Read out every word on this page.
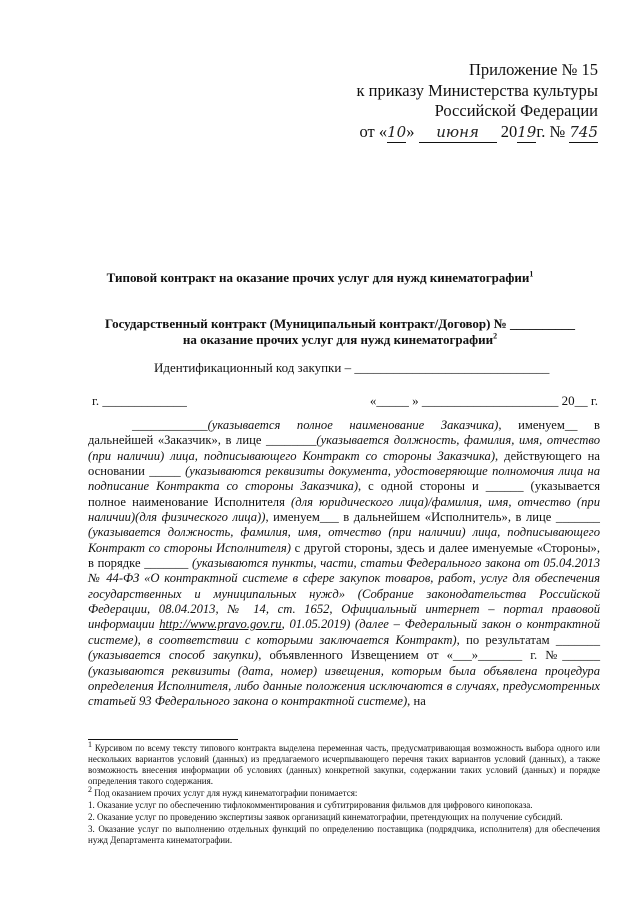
Приложение № 15
к приказу Министерства культуры
Российской Федерации
от «10» июня 2019г. № 745
Типовой контракт на оказание прочих услуг для нужд кинематографии$^1$
Государственный контракт (Муниципальный контракт/Договор) № __________
на оказание прочих услуг для нужд кинематографии$^2$
Идентификационный код закупки – ______________________________
г. _____________	«_____ » _____________________ 20__ г.

____________(указывается полное наименование Заказчика), именуем__ в дальнейшей «Заказчик», в лице ________(указывается должность, фамилия, имя, отчество (при наличии) лица, подписывающего Контракт со стороны Заказчика), действующего на основании _____ (указываются реквизиты документа, удостоверяющие полномочия лица на подписание Контракта со стороны Заказчика), с одной стороны и ______ (указывается полное наименование Исполнителя (для юридического лица)/фамилия, имя, отчество (при наличии)(для физического лица)), именуем___ в дальнейшем «Исполнитель», в лице _______ (указывается должность, фамилия, имя, отчество (при наличии) лица, подписывающего Контракт со стороны Исполнителя) с другой стороны, здесь и далее именуемые «Стороны», в порядке _______ (указываются пункты, части, статьи Федерального закона от 05.04.2013 № 44-ФЗ «О контрактной системе в сфере закупок товаров, работ, услуг для обеспечения государственных и муниципальных нужд» (Собрание законодательства Российской Федерации, 08.04.2013, № 14, ст. 1652, Официальный интернет – портал правовой информации http://www.pravo.gov.ru, 01.05.2019) (далее – Федеральный закон о контрактной системе), в соответствии с которыми заключается Контракт), по результатам _______ (указывается способ закупки), объявленного Извещением от «___»_______ г. №______ (указываются реквизиты (дата, номер) извещения, которым была объявлена процедура определения Исполнителя, либо данные положения исключаются в случаях, предусмотренных статьей 93 Федерального закона о контрактной системе), на

$^1$ Курсивом по всему тексту типового контракта выделена переменная часть, предусматривающая возможность выбора одного или нескольких вариантов условий (данных) из предлагаемого исчерпывающего перечня таких вариантов условий (данных), а также возможность внесения информации об условиях (данных) конкретной закупки, содержании таких условий (данных) и порядке определения такого содержания.

$^2$ Под оказанием прочих услуг для нужд кинематографии понимается:

1. Оказание услуг по обеспечению тифлокомментирования и субтитрирования фильмов для цифрового кинопоказа.

2. Оказание услуг по проведению экспертизы заявок организаций кинематографии, претендующих на получение субсидий.

3. Оказание услуг по выполнению отдельных функций по определению поставщика (подрядчика, исполнителя) для обеспечения нужд Департамента кинематографии.
